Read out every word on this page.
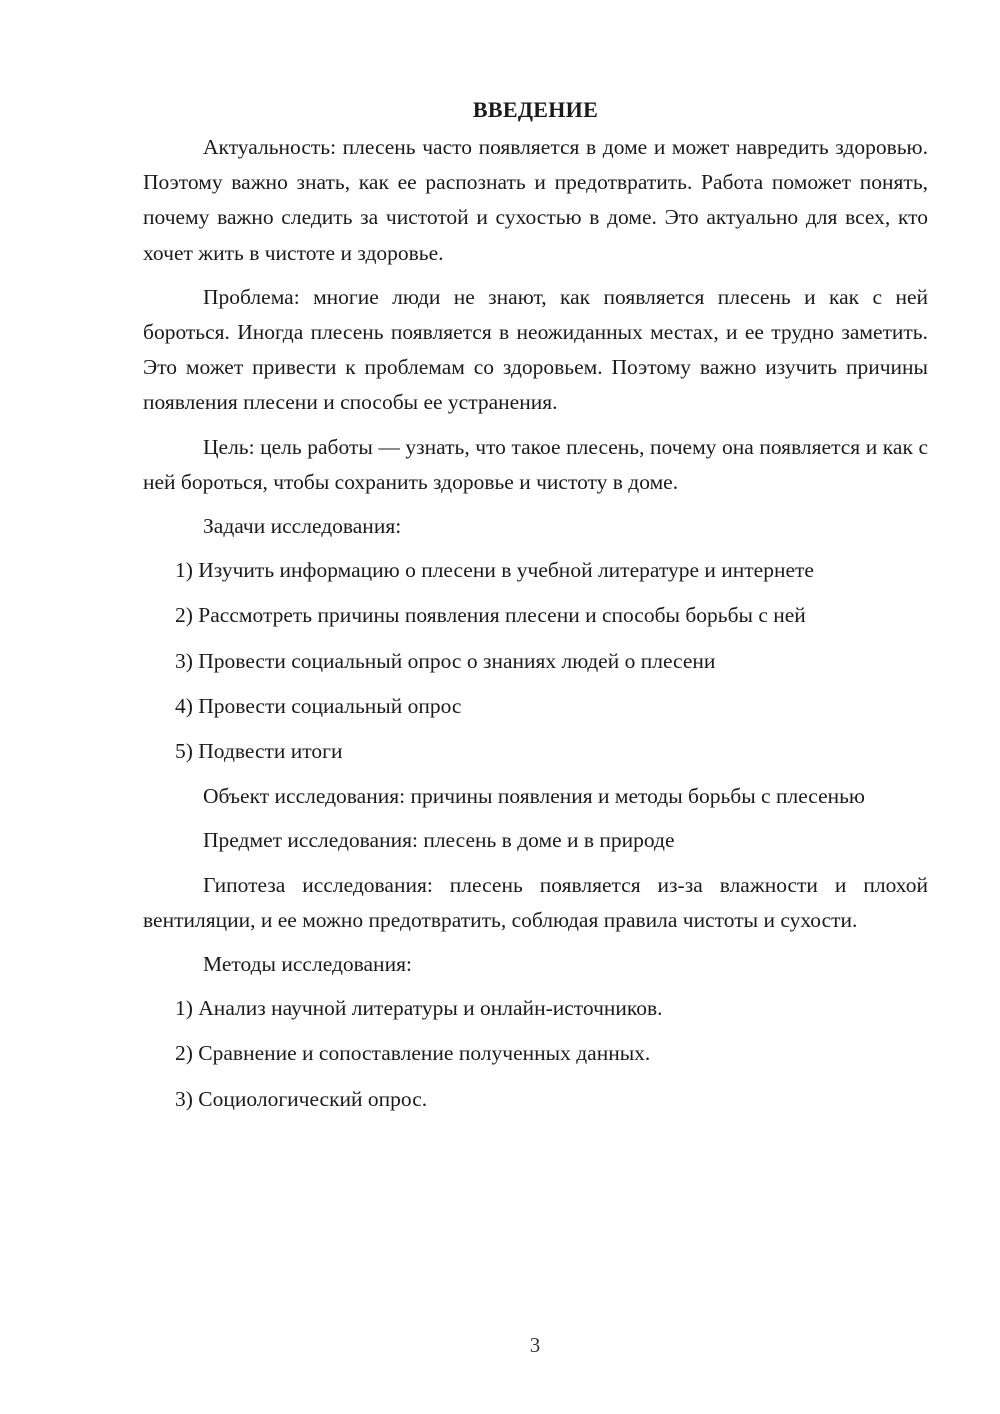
ВВЕДЕНИЕ

Актуальность: плесень часто появляется в доме и может навредить здоровью. Поэтому важно знать, как ее распознать и предотвратить. Работа поможет понять, почему важно следить за чистотой и сухостью в доме. Это актуально для всех, кто хочет жить в чистоте и здоровье.

Проблема: многие люди не знают, как появляется плесень и как с ней бороться. Иногда плесень появляется в неожиданных местах, и ее трудно заметить. Это может привести к проблемам со здоровьем. Поэтому важно изучить причины появления плесени и способы ее устранения.

Цель: цель работы — узнать, что такое плесень, почему она появляется и как с ней бороться, чтобы сохранить здоровье и чистоту в доме.

Задачи исследования:

1) Изучить информацию о плесени в учебной литературе и интернете
2) Рассмотреть причины появления плесени и способы борьбы с ней
3) Провести социальный опрос о знаниях людей о плесени
4) Провести социальный опрос
5) Подвести итоги

Объект исследования: причины появления и методы борьбы с плесенью

Предмет исследования: плесень в доме и в природе

Гипотеза исследования: плесень появляется из-за влажности и плохой вентиляции, и ее можно предотвратить, соблюдая правила чистоты и сухости.

Методы исследования:

1) Анализ научной литературы и онлайн-источников.
2) Сравнение и сопоставление полученных данных.
3) Социологический опрос.
3
